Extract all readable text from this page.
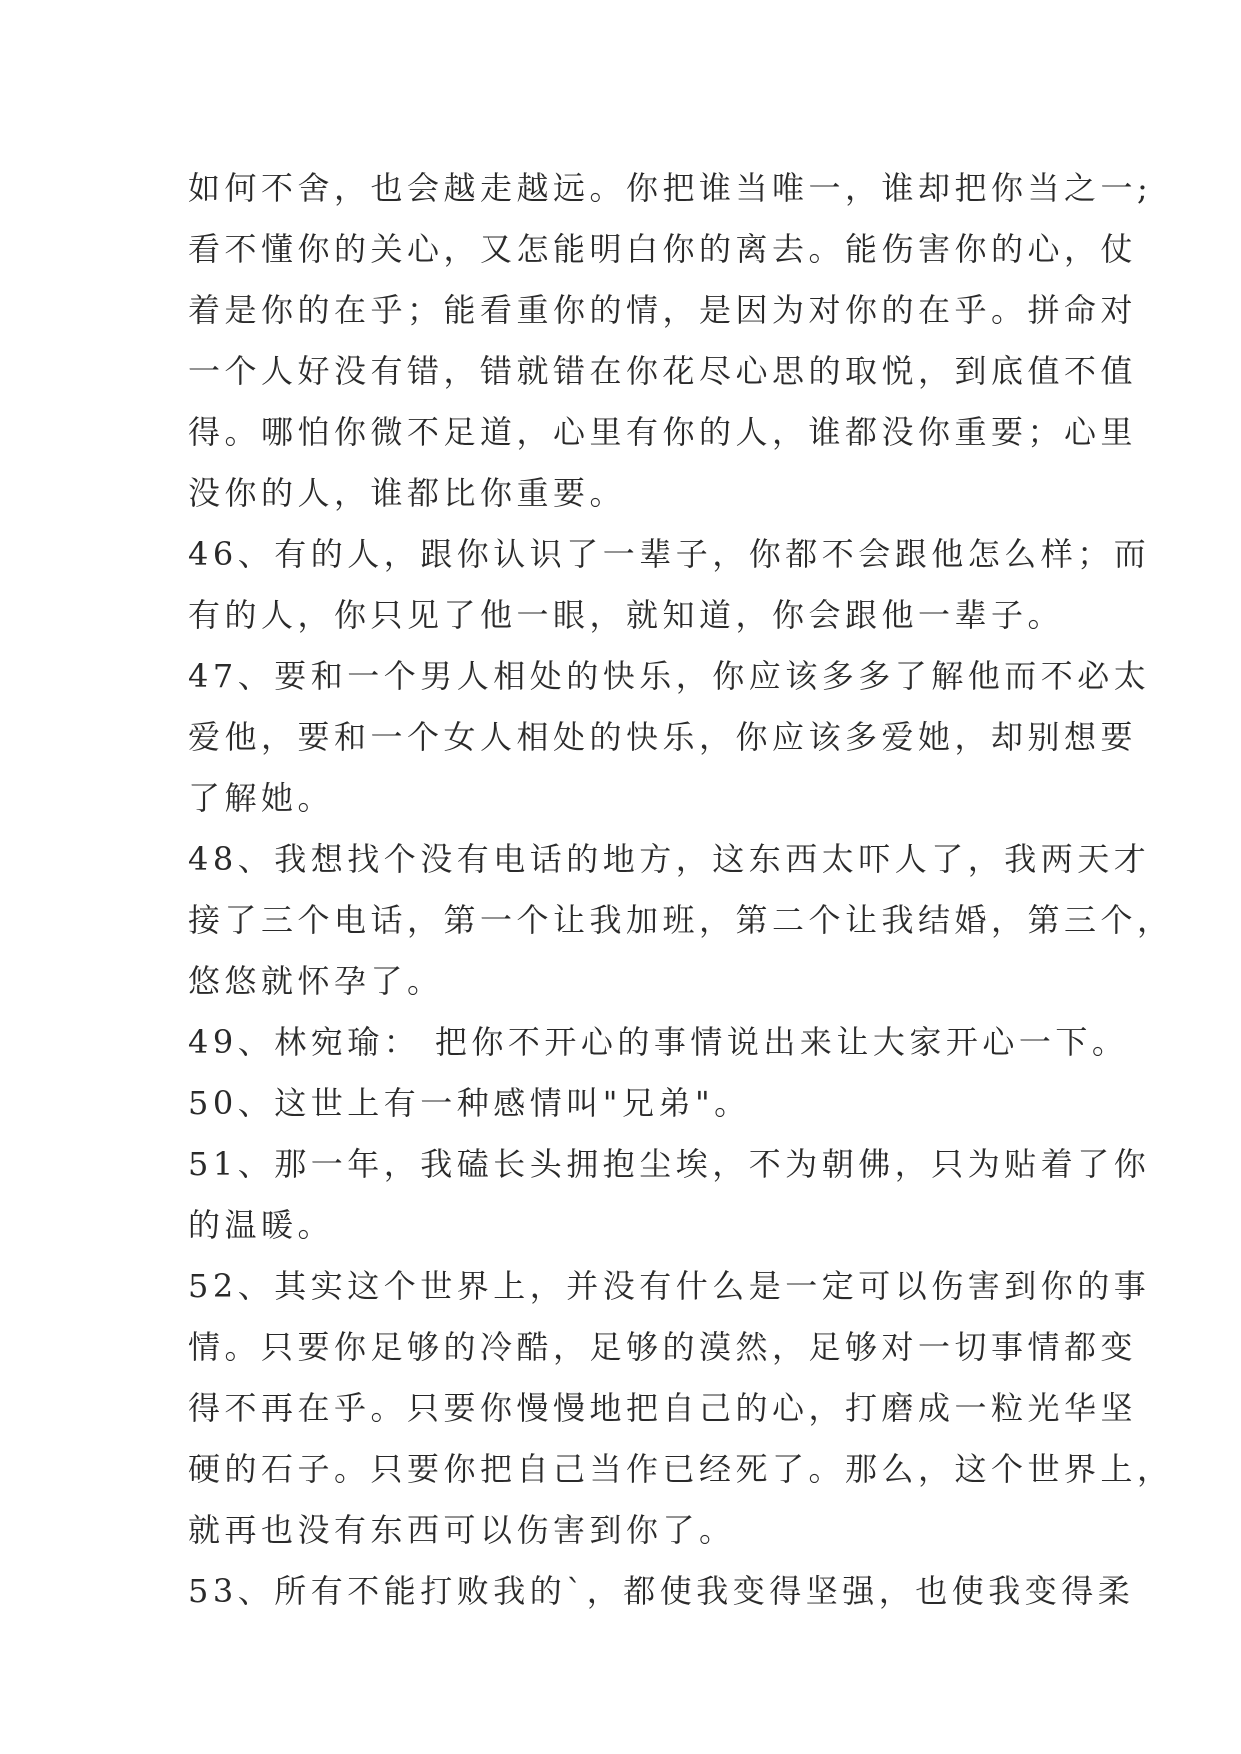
如何不舍，也会越走越远。你把谁当唯一，谁却把你当之一;
看不懂你的关心，又怎能明白你的离去。能伤害你的心，仗
着是你的在乎；能看重你的情，是因为对你的在乎。拼命对
一个人好没有错，错就错在你花尽心思的取悦，到底值不值
得。哪怕你微不足道，心里有你的人，谁都没你重要；心里
没你的人，谁都比你重要。
46、有的人，跟你认识了一辈子，你都不会跟他怎么样；而
有的人，你只见了他一眼，就知道，你会跟他一辈子。
47、要和一个男人相处的快乐，你应该多多了解他而不必太
爱他，要和一个女人相处的快乐，你应该多爱她，却别想要
了解她。
48、我想找个没有电话的地方，这东西太吓人了，我两天才
接了三个电话，第一个让我加班，第二个让我结婚，第三个，
悠悠就怀孕了。
49、林宛瑜： 把你不开心的事情说出来让大家开心一下。
50、这世上有一种感情叫"兄弟"。
51、那一年，我磕长头拥抱尘埃，不为朝佛，只为贴着了你
的温暖。
52、其实这个世界上，并没有什么是一定可以伤害到你的事
情。只要你足够的冷酷，足够的漠然，足够对一切事情都变
得不再在乎。只要你慢慢地把自己的心，打磨成一粒光华坚
硬的石子。只要你把自己当作已经死了。那么，这个世界上，
就再也没有东西可以伤害到你了。
53、所有不能打败我的`，都使我变得坚强，也使我变得柔
